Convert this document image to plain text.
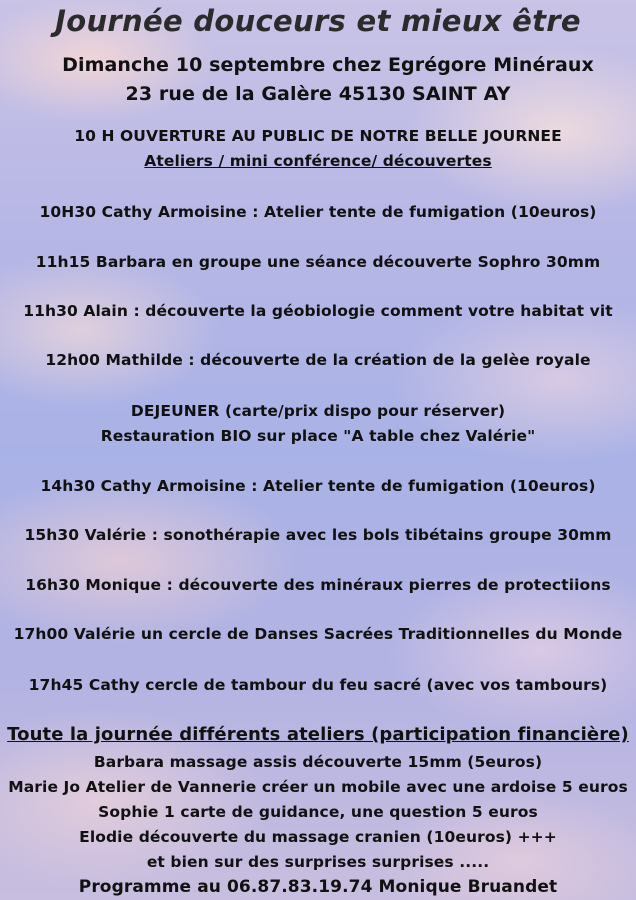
Journée douceurs et mieux être
Dimanche 10 septembre chez Egrégore Minéraux
23 rue de la Galère 45130 SAINT AY
10 H OUVERTURE AU PUBLIC DE NOTRE BELLE JOURNEE
Ateliers / mini conférence/ découvertes
10H30 Cathy Armoisine : Atelier tente de fumigation (10euros)
11h15 Barbara en groupe une séance découverte Sophro 30mm
11h30 Alain : découverte la géobiologie comment votre habitat vit
12h00 Mathilde : découverte de la création de la gelèe royale
DEJEUNER (carte/prix dispo pour réserver)
Restauration BIO sur place "A table chez Valérie"
14h30 Cathy Armoisine : Atelier tente de fumigation (10euros)
15h30 Valérie : sonothérapie avec les bols tibétains groupe 30mm
16h30 Monique : découverte des minéraux pierres de protectiions
17h00 Valérie un cercle de Danses Sacrées Traditionnelles du Monde
17h45 Cathy cercle de tambour du feu sacré (avec vos tambours)
Toute la journée différents ateliers (participation financière)
Barbara massage assis découverte 15mm (5euros)
Marie Jo Atelier de Vannerie créer un mobile avec une ardoise 5 euros
Sophie 1 carte de guidance, une question 5 euros
Elodie découverte du massage cranien (10euros) +++
et bien sur des surprises surprises .....
Programme au 06.87.83.19.74 Monique Bruandet
